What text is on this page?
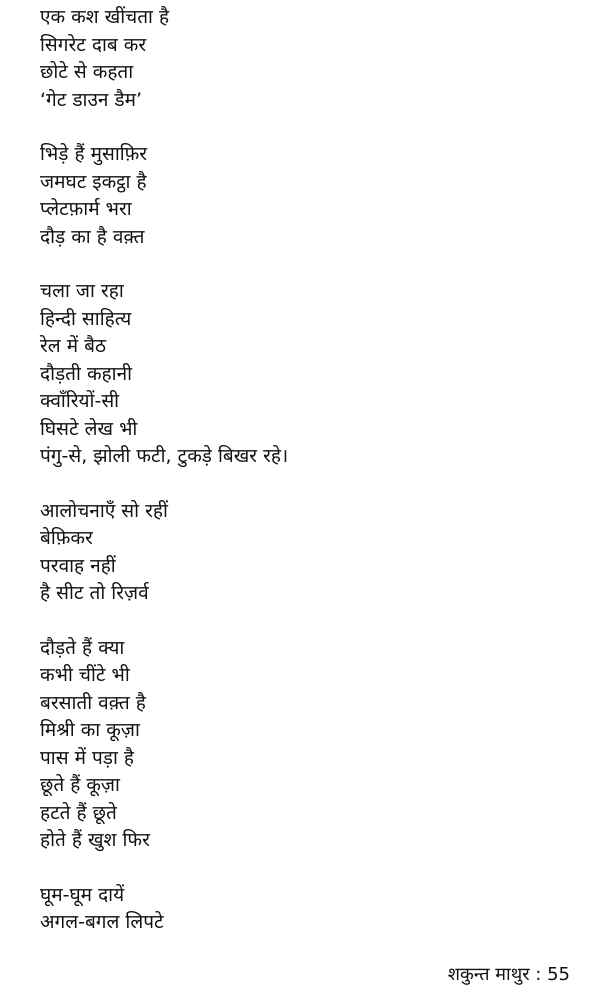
एक कश खींचता है
सिगरेट दाब कर
छोटे से कहता
‘गेट डाउन डैम’
भिड़े हैं मुसाफ़िर
जमघट इकट्ठा है
प्लेटफ़ार्म भरा
दौड़ का है वक़्त
चला जा रहा
हिन्दी साहित्य
रेल में बैठ
दौड़ती कहानी
क्वाँरियों-सी
घिसटे लेख भी
पंगु-से, झोली फटी, टुकड़े बिखर रहे।
आलोचनाएँ सो रहीं
बेफ़िकर
परवाह नहीं
है सीट तो रिज़र्व
दौड़ते हैं क्या
कभी चींटे भी
बरसाती वक़्त है
मिश्री का कूज़ा
पास में पड़ा है
छूते हैं कूज़ा
हटते हैं छूते
होते हैं खुश फिर
घूम-घूम दायें
अगल-बगल लिपटे
शकुन्त माथुर : 55
